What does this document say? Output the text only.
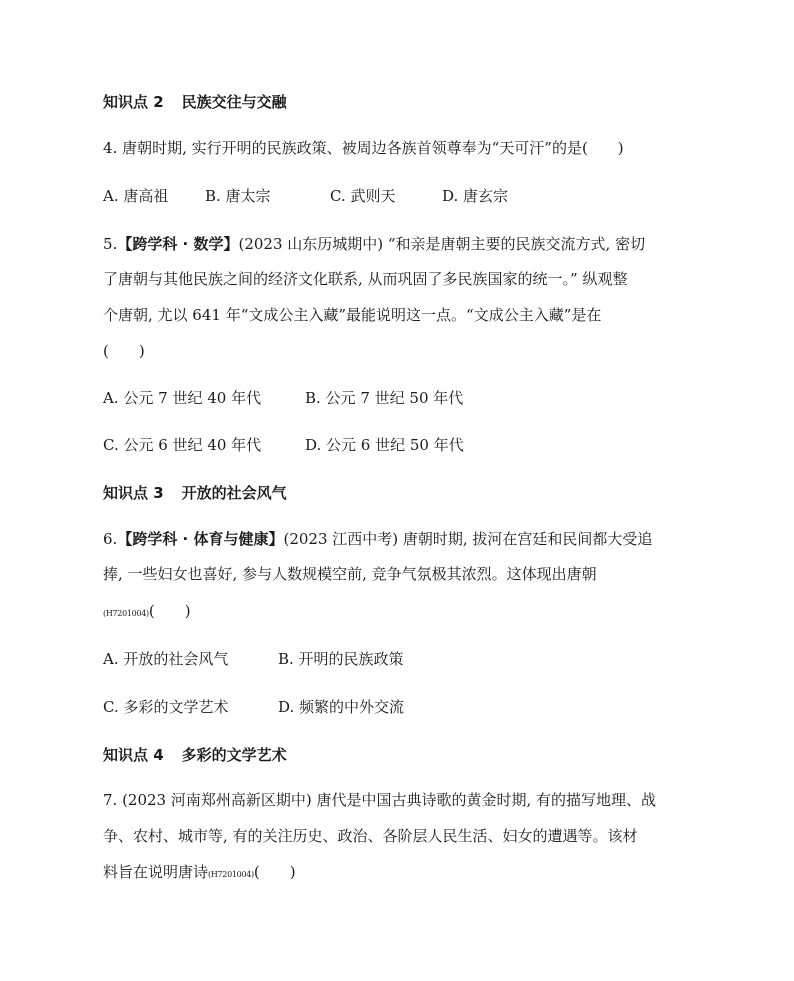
知识点 2 民族交往与交融
4. 唐朝时期, 实行开明的民族政策、被周边各族首领尊奉为“天可汗”的是(　　)
A. 唐高祖 B. 唐太宗	C. 武则天	D. 唐玄宗
5.【跨学科 · 数学】(2023 山东历城期中) “和亲是唐朝主要的民族交流方式, 密切
了唐朝与其他民族之间的经济文化联系, 从而巩固了多民族国家的统一。” 纵观整
个唐朝, 尤以 641 年“文成公主入藏”最能说明这一点。“文成公主入藏”是在
(　　)
A. 公元 7 世纪 40 年代	B. 公元 7 世纪 50 年代
C. 公元 6 世纪 40 年代	D. 公元 6 世纪 50 年代
知识点 3 开放的社会风气
6.【跨学科 · 体育与健康】(2023 江西中考) 唐朝时期, 拔河在宫廷和民间都大受追
捧, 一些妇女也喜好, 参与人数规模空前, 竞争气氛极其浓烈。这体现出唐朝
(H7201004)(　　)
A. 开放的社会风气	B. 开明的民族政策
C. 多彩的文学艺术	D. 频繁的中外交流
知识点 4 多彩的文学艺术
7. (2023 河南郑州高新区期中) 唐代是中国古典诗歌的黄金时期, 有的描写地理、战
争、农村、城市等, 有的关注历史、政治、各阶层人民生活、妇女的遭遇等。该材
料旨在说明唐诗(H7201004)(　　)
